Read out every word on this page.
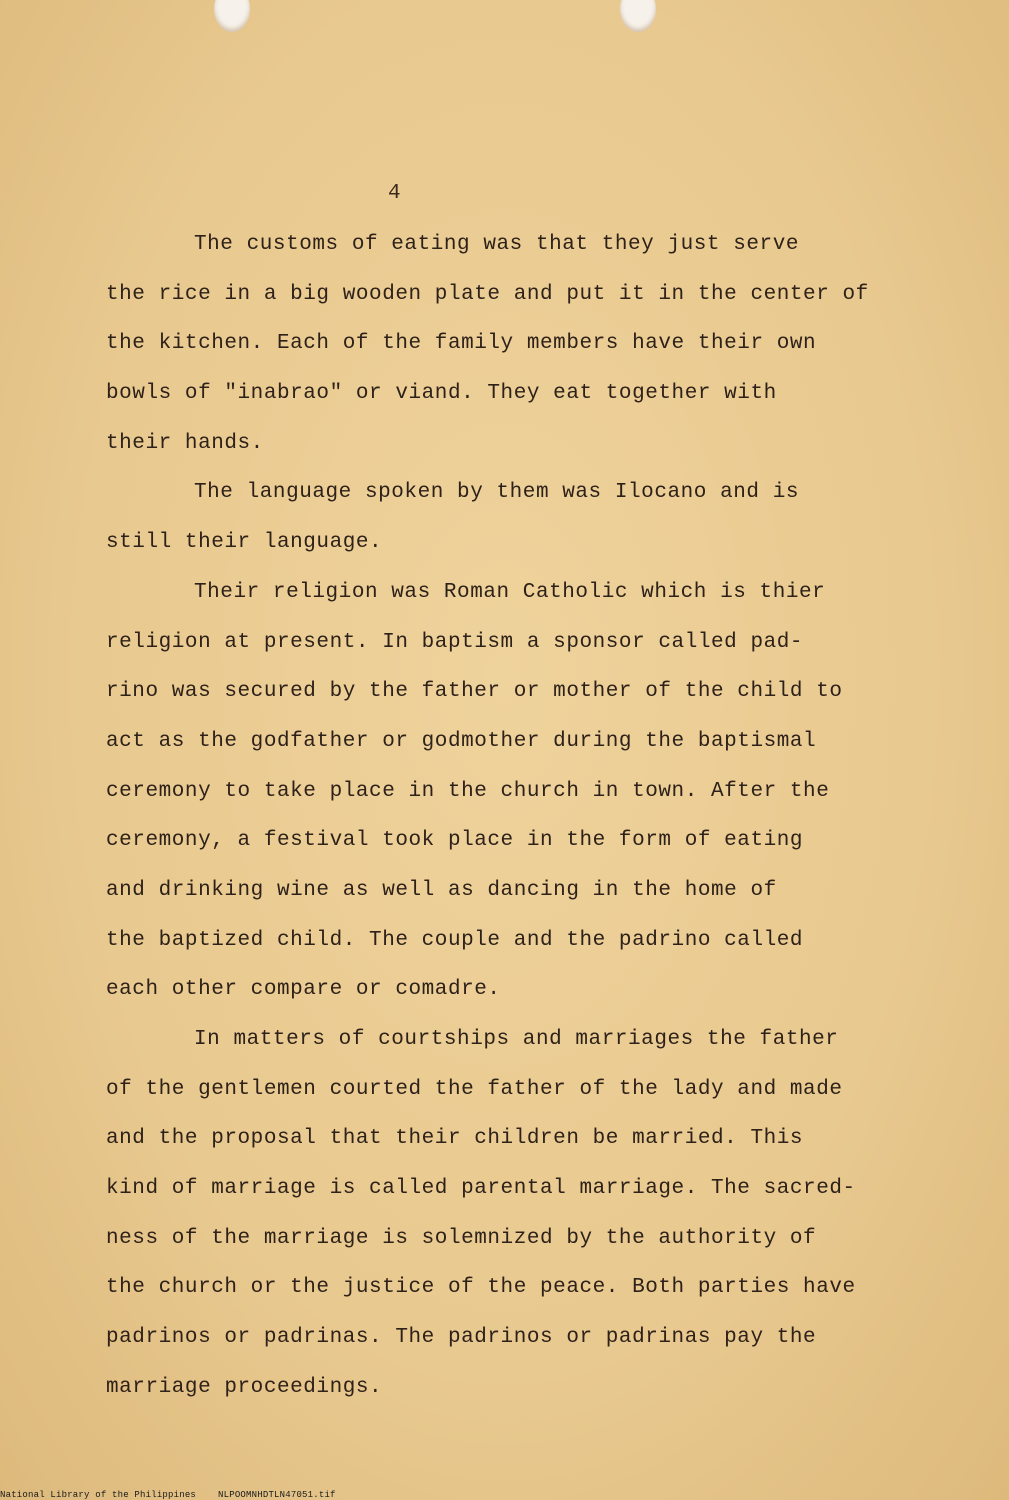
4
The customs of eating was that they just serve
the rice in a big wooden plate and put it in the center of
the kitchen. Each of the family members have their own
bowls of "inabrao" or viand. They eat together with
their hands.
The language spoken by them was Ilocano and is
still their language.
Their religion was Roman Catholic which is thier
religion at present. In baptism a sponsor called pad-
rino was secured by the father or mother of the child to
act as the godfather or godmother during the baptismal
ceremony to take place in the church in town. After the
ceremony, a festival took place in the form of eating
and drinking wine as well as dancing in the home of
the baptized child. The couple and the padrino called
each other compare or comadre.
In matters of courtships and marriages the father
of the gentlemen courted the father of the lady and made
and the proposal that their children be married. This
kind of marriage is called parental marriage. The sacred-
ness of the marriage is solemnized by the authority of
the church or the justice of the peace. Both parties have
padrinos or padrinas. The padrinos or padrinas pay the
marriage proceedings.
National Library of the Philippines NLPOOMNHDTLN47051.tif
